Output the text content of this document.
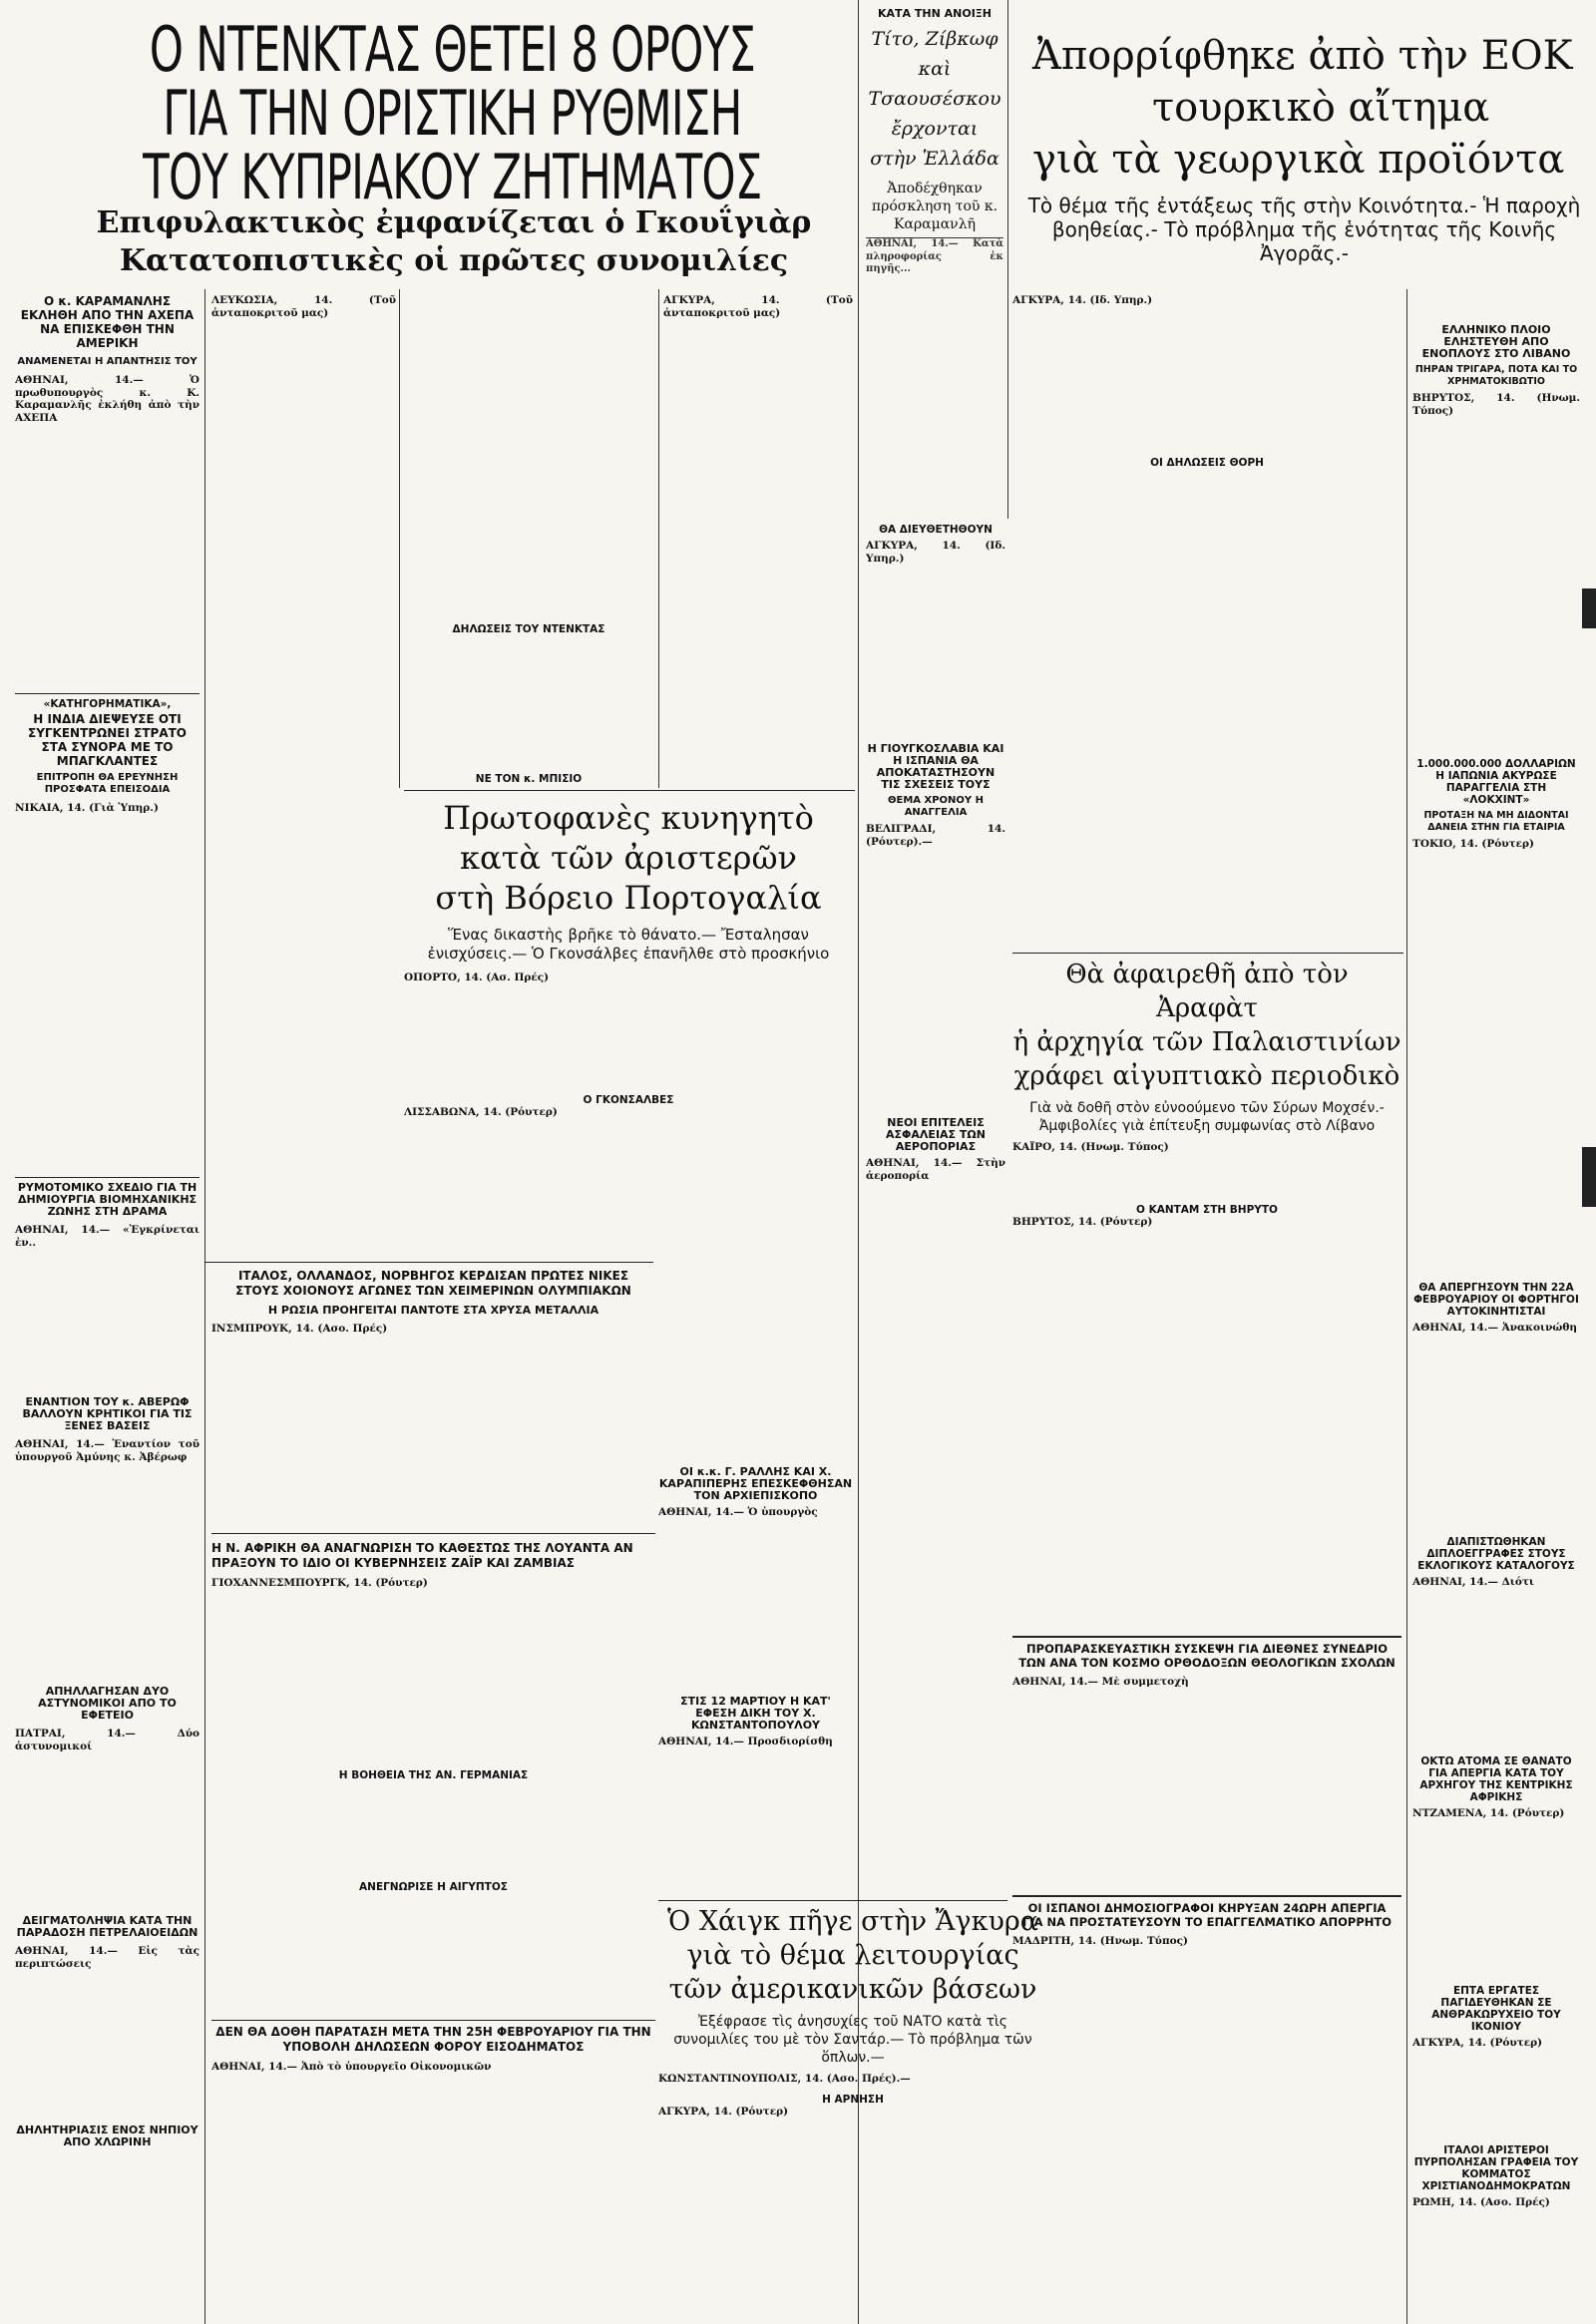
Ο ΝΤΕΝΚΤΑΣ ΘΕΤΕΙ 8 ΟΡΟΥΣ
ΓΙΑ ΤΗΝ ΟΡΙΣΤΙΚΗ ΡΥΘΜΙΣΗ
ΤΟΥ ΚΥΠΡΙΑΚΟΥ ΖΗΤΗΜΑΤΟΣ
Επιφυλακτικὸς ἐμφανίζεται ὁ Γκουΐγιὰρ
Κατατοπιστικὲς οἱ πρῶτες συνομιλίες
ΚΑΤΑ ΤΗΝ ΑΝΟΙΞΗ
Τίτο, Ζίβκωφ καὶ Τσαουσέσκου ἔρχονται στὴν Ἑλλάδα
Ἀποδέχθηκαν πρόσκληση τοῦ κ. Καραμανλῆ
ΑΘΗΝΑΙ, 14.— Κατὰ πληροφορίας ἐκ πηγῆς...

Ἀπορρίφθηκε ἀπὸ τὴν ΕΟΚ
τουρκικὸ αἴτημα
γιὰ τὰ γεωργικὰ προϊόντα
Τὸ θέμα τῆς ἐντάξεως τῆς στὴν Κοινότητα.- Ἡ παροχὴ βοηθείας.- Τὸ πρόβλημα τῆς ἑνότητας τῆς Κοινῆς Ἀγορᾶς.-
Ο κ. ΚΑΡΑΜΑΝΛΗΣ ΕΚΛΗΘΗ ΑΠΟ ΤΗΝ ΑΧΕΠΑ ΝΑ ΕΠΙΣΚΕΦΘΗ ΤΗΝ ΑΜΕΡΙΚΗ
ΑΝΑΜΕΝΕΤΑΙ Η ΑΠΑΝΤΗΣΙΣ ΤΟΥ
ΑΘΗΝΑΙ, 14.— Ὁ πρωθυπουργὸς κ. Κ. Καραμανλῆς ἐκλήθη ἀπὸ τὴν ΑΧΕΠΑ
«ΚΑΤΗΓΟΡΗΜΑΤΙΚΑ»,
Η ΙΝΔΙΑ ΔΙΕΨΕΥΣΕ ΟΤΙ ΣΥΓΚΕΝΤΡΩΝΕΙ ΣΤΡΑΤΟ ΣΤΑ ΣΥΝΟΡΑ ΜΕ ΤΟ ΜΠΑΓΚΛΑΝΤΕΣ
ΕΠΙΤΡΟΠΗ ΘΑ ΕΡΕΥΝΗΣΗ ΠΡΟΣΦΑΤΑ ΕΠΕΙΣΟΔΙΑ
ΝΙΚΑΙΑ, 14. (Γιὰ Ὑπηρ.)
ΡΥΜΟΤΟΜΙΚΟ ΣΧΕΔΙΟ ΓΙΑ ΤΗ ΔΗΜΙΟΥΡΓΙΑ ΒΙΟΜΗΧΑΝΙΚΗΣ ΖΩΝΗΣ ΣΤΗ ΔΡΑΜΑ
ΑΘΗΝΑΙ, 14.— «Ἐγκρίνεται ἐν..
ΕΝΑΝΤΙΟΝ ΤΟΥ κ. ΑΒΕΡΩΦ ΒΑΛΛΟΥΝ ΚΡΗΤΙΚΟΙ ΓΙΑ ΤΙΣ ΞΕΝΕΣ ΒΑΣΕΙΣ
ΑΘΗΝΑΙ, 14.— Ἐναντίον τοῦ ὑπουργοῦ Ἀμύνης κ. Ἀβέρωφ
ΑΠΗΛΛΑΓΗΣΑΝ ΔΥΟ ΑΣΤΥΝΟΜΙΚΟΙ ΑΠΟ ΤΟ ΕΦΕΤΕΙΟ
ΠΑΤΡΑΙ, 14.— Δύο ἀστυνομικοί
ΔΕΙΓΜΑΤΟΛΗΨΙΑ ΚΑΤΑ ΤΗΝ ΠΑΡΑΔΟΣΗ ΠΕΤΡΕΛΑΙΟΕΙΔΩΝ
ΑΘΗΝΑΙ, 14.— Εἰς τὰς περιπτώσεις
ΔΗΛΗΤΗΡΙΑΣΙΣ ΕΝΟΣ ΝΗΠΙΟΥ ΑΠΟ ΧΛΩΡΙΝΗ
ΛΕΥΚΩΣΙΑ, 14. (Τοῦ ἀνταποκριτοῦ μας)
ΔΗΛΩΣΕΙΣ ΤΟΥ ΝΤΕΝΚΤΑΣ
ΑΓΚΥΡΑ, 14. (Τοῦ ἀνταποκριτοῦ μας)
ΘΑ ΔΙΕΥΘΕΤΗΘΟΥΝ
ΑΓΚΥΡΑ, 14. (Ιδ. Υπηρ.)
Η ΓΙΟΥΓΚΟΣΛΑΒΙΑ ΚΑΙ Η ΙΣΠΑΝΙΑ ΘΑ ΑΠΟΚΑΤΑΣΤΗΣΟΥΝ ΤΙΣ ΣΧΕΣΕΙΣ ΤΟΥΣ
ΘΕΜΑ ΧΡΟΝΟΥ Η ΑΝΑΓΓΕΛΙΑ
ΒΕΛΙΓΡΑΔΙ, 14. (Ρόυτερ).—
ΝΕΟΙ ΕΠΙΤΕΛΕΙΣ ΑΣΦΑΛΕΙΑΣ ΤΩΝ ΑΕΡΟΠΟΡΙΑΣ
ΑΘΗΝΑΙ, 14.— Στὴν ἀεροπορία
Πρωτοφανὲς κυνηγητὸ
κατὰ τῶν ἀριστερῶν
στὴ Βόρειο Πορτογαλία
Ἕνας δικαστὴς βρῆκε τὸ θάνατο.— Ἔσταλησαν ἐνισχύσεις.— Ὁ Γκονσάλβες ἐπανῆλθε στὸ προσκήνιο
ΟΠΟΡΤΟ, 14. (Ασ. Πρές)
Ο ΓΚΟΝΣΑΛΒΕΣ
ΛΙΣΣΑΒΩΝΑ, 14. (Ρόυτερ)
ΝΕ ΤΟΝ κ. ΜΠΙΣΙΟ
ΟΙ κ.κ. Γ. ΡΑΛΛΗΣ ΚΑΙ Χ. ΚΑΡΑΠΙΠΕΡΗΣ ΕΠΕΣΚΕΦΘΗΣΑΝ ΤΟΝ ΑΡΧΙΕΠΙΣΚΟΠΟ
ΑΘΗΝΑΙ, 14.— Ὁ ὑπουργὸς
ΣΤΙΣ 12 ΜΑΡΤΙΟΥ Η ΚΑΤ' ΕΦΕΣΗ ΔΙΚΗ ΤΟΥ Χ. ΚΩΝΣΤΑΝΤΟΠΟΥΛΟΥ
ΑΘΗΝΑΙ, 14.— Προσδιορίσθη
ΙΤΑΛΟΣ, ΟΛΛΑΝΔΟΣ, ΝΟΡΒΗΓΟΣ ΚΕΡΔΙΣΑΝ ΠΡΩΤΕΣ ΝΙΚΕΣ
ΣΤΟΥΣ ΧΟΙΟΝΟΥΣ ΑΓΩΝΕΣ ΤΩΝ ΧΕΙΜΕΡΙΝΩΝ ΟΛΥΜΠΙΑΚΩΝ
Η ΡΩΣΙΑ ΠΡΟΗΓΕΙΤΑΙ ΠΑΝΤΟΤΕ ΣΤΑ ΧΡΥΣΑ ΜΕΤΑΛΛΙΑ
ΙΝΣΜΠΡΟΥΚ, 14. (Ασο. Πρές)
Η Ν. ΑΦΡΙΚΗ ΘΑ ΑΝΑΓΝΩΡΙΣΗ ΤΟ ΚΑΘΕΣΤΩΣ ΤΗΣ ΛΟΥΑΝΤΑ ΑΝ ΠΡΑΞΟΥΝ ΤΟ ΙΔΙΟ ΟΙ ΚΥΒΕΡΝΗΣΕΙΣ ΖΑΪΡ ΚΑΙ ΖΑΜΒΙΑΣ
ΓΙΟΧΑΝΝΕΣΜΠΟΥΡΓΚ, 14. (Ρόυτερ)
Η ΒΟΗΘΕΙΑ ΤΗΣ ΑΝ. ΓΕΡΜΑΝΙΑΣ
ΑΝΕΓΝΩΡΙΣΕ Η ΑΙΓΥΠΤΟΣ
ΔΕΝ ΘΑ ΔΟΘΗ ΠΑΡΑΤΑΣΗ ΜΕΤΑ ΤΗΝ 25Η ΦΕΒΡΟΥΑΡΙΟΥ ΓΙΑ ΤΗΝ ΥΠΟΒΟΛΗ ΔΗΛΩΣΕΩΝ ΦΟΡΟΥ ΕΙΣΟΔΗΜΑΤΟΣ
ΑΘΗΝΑΙ, 14.— Ἀπὸ τὸ ὑπουργεῖο Οἰκονομικῶν
Ὁ Χάιγκ πῆγε στὴν Ἄγκυρα
γιὰ τὸ θέμα λειτουργίας
τῶν ἀμερικανικῶν βάσεων
Ἐξέφρασε τὶς ἀνησυχίες τοῦ ΝΑΤΟ κατὰ τὶς συνομιλίες του μὲ τὸν Σαντάρ.— Τὸ πρόβλημα τῶν ὅπλων.—
ΚΩΝΣΤΑΝΤΙΝΟΥΠΟΛΙΣ, 14. (Ασο. Πρές).—
Η ΑΡΝΗΣΗ
ΑΓΚΥΡΑ, 14. (Ρόυτερ)
ΑΓΚΥΡΑ, 14. (Ιδ. Υπηρ.)
ΟΙ ΔΗΛΩΣΕΙΣ ΘΟΡΗ
Θὰ ἀφαιρεθῆ ἀπὸ τὸν Ἀραφὰτ
ἡ ἀρχηγία τῶν Παλαιστινίων
χράφει αἰγυπτιακὸ περιοδικὸ
Γιὰ νὰ δοθῆ στὸν εὐνοούμενο τῶν Σύρων Μοχσέν.- Ἀμφιβολίες γιὰ ἐπίτευξη συμφωνίας στὸ Λίβανο
ΚΑΪΡΟ, 14. (Ηνωμ. Τύπος)
Ο ΚΑΝΤΑΜ ΣΤΗ ΒΗΡΥΤΟ
ΒΗΡΥΤΟΣ, 14. (Ρόυτερ)
ΠΡΟΠΑΡΑΣΚΕΥΑΣΤΙΚΗ ΣΥΣΚΕΨΗ ΓΙΑ ΔΙΕΘΝΕΣ ΣΥΝΕΔΡΙΟ
ΤΩΝ ΑΝΑ ΤΟΝ ΚΟΣΜΟ ΟΡΘΟΔΟΞΩΝ ΘΕΟΛΟΓΙΚΩΝ ΣΧΟΛΩΝ
ΑΘΗΝΑΙ, 14.— Μὲ συμμετοχὴ
ΟΙ ΙΣΠΑΝΟΙ ΔΗΜΟΣΙΟΓΡΑΦΟΙ ΚΗΡΥΞΑΝ 24ΩΡΗ ΑΠΕΡΓΙΑ
ΓΙΑ ΝΑ ΠΡΟΣΤΑΤΕΥΣΟΥΝ ΤΟ ΕΠΑΓΓΕΛΜΑΤΙΚΟ ΑΠΟΡΡΗΤΟ
ΜΑΔΡΙΤΗ, 14. (Ηνωμ. Τύπος)
ΕΛΛΗΝΙΚΟ ΠΛΟΙΟ ΕΛΗΣΤΕΥΘΗ ΑΠΟ ΕΝΟΠΛΟΥΣ ΣΤΟ ΛΙΒΑΝΟ
ΠΗΡΑΝ ΤΡΙΓΑΡΑ, ΠΟΤΑ ΚΑΙ ΤΟ ΧΡΗΜΑΤΟΚΙΒΩΤΙΟ
ΒΗΡΥΤΟΣ, 14. (Ηνωμ. Τύπος)
1.000.000.000 ΔΟΛΛΑΡΙΩΝ Η ΙΑΠΩΝΙΑ ΑΚΥΡΩΣΕ ΠΑΡΑΓΓΕΛΙΑ ΣΤΗ «ΛΟΚΧΙΝΤ»
ΠΡΟΤΑΞΗ ΝΑ ΜΗ ΔΙΔΟΝΤΑΙ ΔΑΝΕΙΑ ΣΤΗΝ ΓΙΑ ΕΤΑΙΡΙΑ
ΤΟΚΙΟ, 14. (Ρόυτερ)
ΘΑ ΑΠΕΡΓΗΣΟΥΝ ΤΗΝ 22Α ΦΕΒΡΟΥΑΡΙΟΥ ΟΙ ΦΟΡΤΗΓΟΙ ΑΥΤΟΚΙΝΗΤΙΣΤΑΙ
ΑΘΗΝΑΙ, 14.— Ἀνακοινώθη
ΔΙΑΠΙΣΤΩΘΗΚΑΝ ΔΙΠΛΟΕΓΓΡΑΦΕΣ ΣΤΟΥΣ ΕΚΛΟΓΙΚΟΥΣ ΚΑΤΑΛΟΓΟΥΣ
ΑΘΗΝΑΙ, 14.— Διότι
ΟΚΤΩ ΑΤΟΜΑ ΣΕ ΘΑΝΑΤΟ ΓΙΑ ΑΠΕΡΓΙΑ ΚΑΤΑ ΤΟΥ ΑΡΧΗΓΟΥ ΤΗΣ ΚΕΝΤΡΙΚΗΣ ΑΦΡΙΚΗΣ
ΝΤΖΑΜΕΝΑ, 14. (Ρόυτερ)
ΕΠΤΑ ΕΡΓΑΤΕΣ ΠΑΓΙΔΕΥΘΗΚΑΝ ΣΕ ΑΝΘΡΑΚΩΡΥΧΕΙΟ ΤΟΥ ΙΚΟΝΙΟΥ
ΑΓΚΥΡΑ, 14. (Ρόυτερ)
ΙΤΑΛΟΙ ΑΡΙΣΤΕΡΟΙ ΠΥΡΠΟΛΗΣΑΝ ΓΡΑΦΕΙΑ ΤΟΥ ΚΟΜΜΑΤΟΣ ΧΡΙΣΤΙΑΝΟΔΗΜΟΚΡΑΤΩΝ
ΡΩΜΗ, 14. (Ασο. Πρές)
